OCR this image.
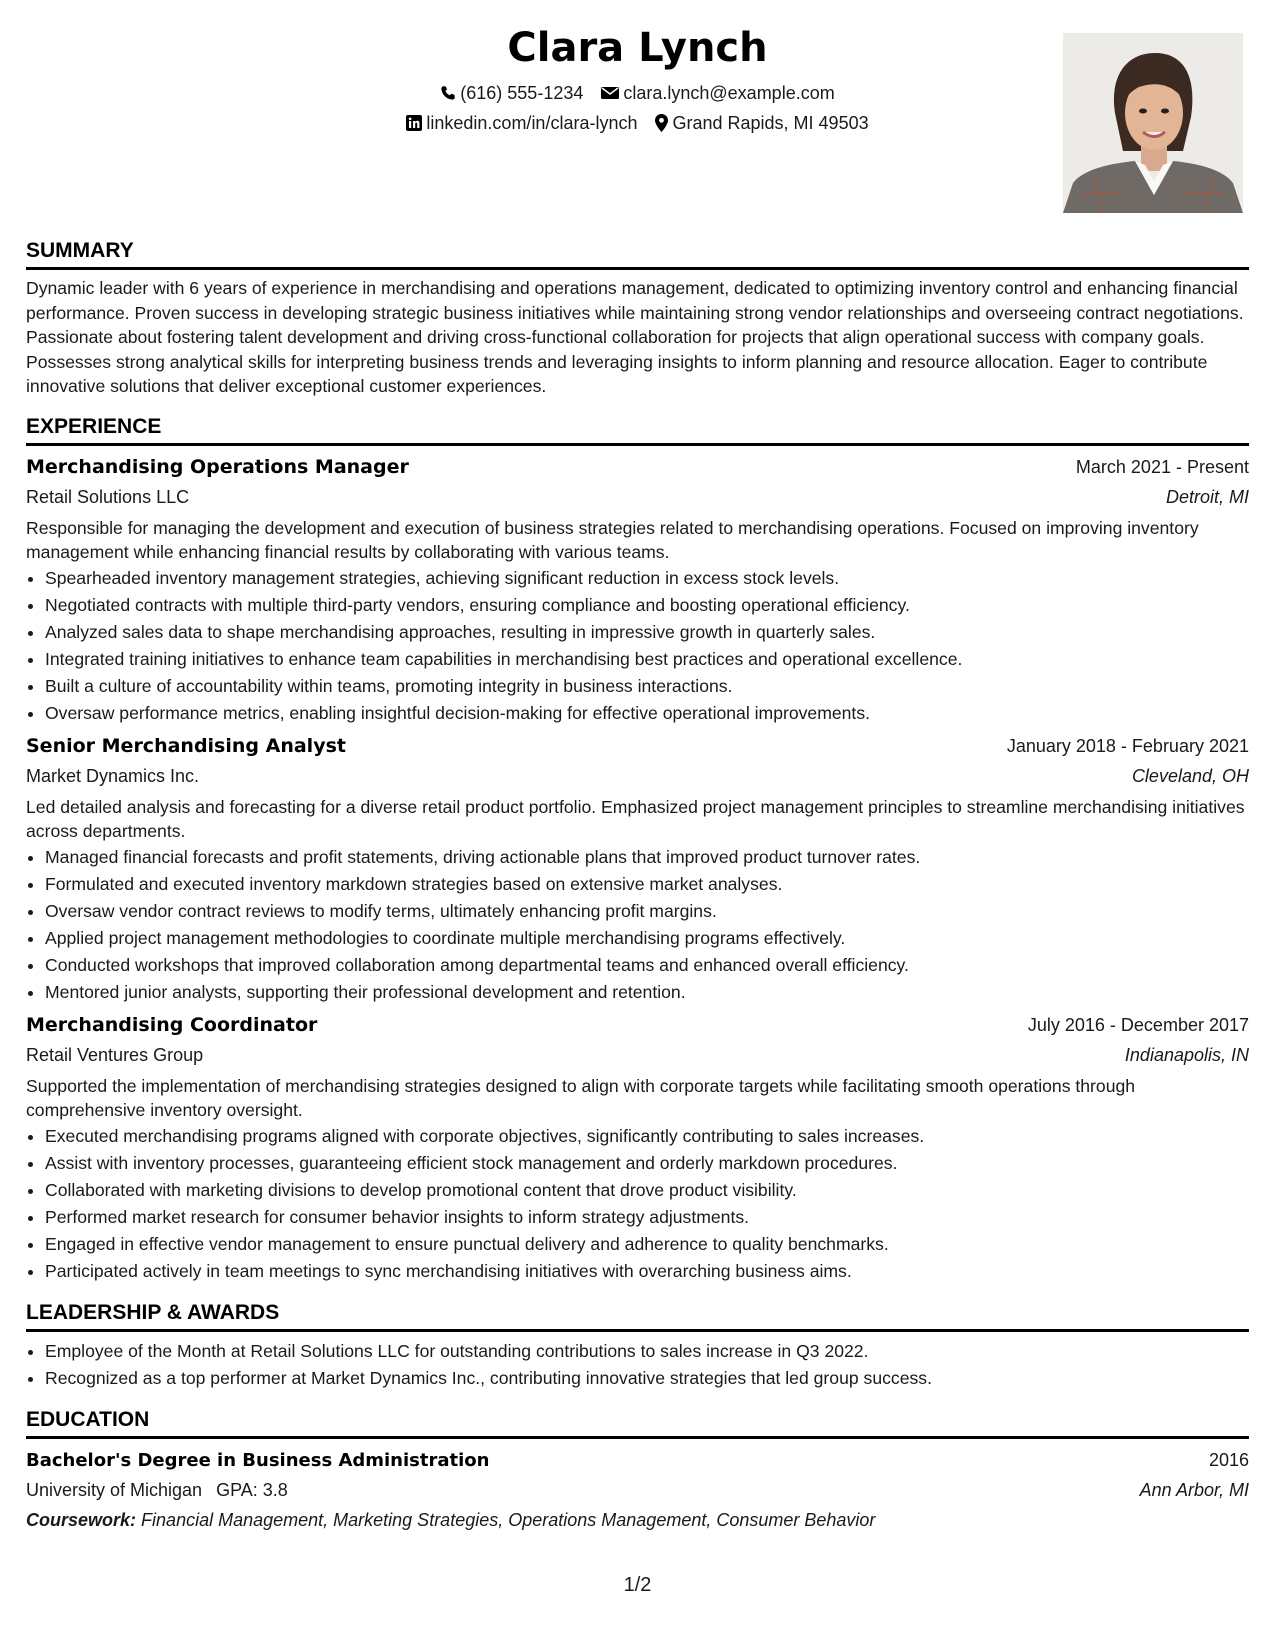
Clara Lynch
(616) 555-1234 clara.lynch@example.com
linkedin.com/in/clara-lynch Grand Rapids, MI 49503
SUMMARY

Dynamic leader with 6 years of experience in merchandising and operations management, dedicated to optimizing inventory control and enhancing financial performance. Proven success in developing strategic business initiatives while maintaining strong vendor relationships and overseeing contract negotiations. Passionate about fostering talent development and driving cross-functional collaboration for projects that align operational success with company goals. Possesses strong analytical skills for interpreting business trends and leveraging insights to inform planning and resource allocation. Eager to contribute innovative solutions that deliver exceptional customer experiences.

EXPERIENCE
Merchandising Operations Manager	March 2021 - Present
Retail Solutions LLC	Detroit, MI

Responsible for managing the development and execution of business strategies related to merchandising operations. Focused on improving inventory management while enhancing financial results by collaborating with various teams.

• Spearheaded inventory management strategies, achieving significant reduction in excess stock levels.
• Negotiated contracts with multiple third-party vendors, ensuring compliance and boosting operational efficiency.
• Analyzed sales data to shape merchandising approaches, resulting in impressive growth in quarterly sales.
• Integrated training initiatives to enhance team capabilities in merchandising best practices and operational excellence.
• Built a culture of accountability within teams, promoting integrity in business interactions.
• Oversaw performance metrics, enabling insightful decision-making for effective operational improvements.
Senior Merchandising Analyst	January 2018 - February 2021
Market Dynamics Inc.	Cleveland, OH

Led detailed analysis and forecasting for a diverse retail product portfolio. Emphasized project management principles to streamline merchandising initiatives across departments.

• Managed financial forecasts and profit statements, driving actionable plans that improved product turnover rates.
• Formulated and executed inventory markdown strategies based on extensive market analyses.
• Oversaw vendor contract reviews to modify terms, ultimately enhancing profit margins.
• Applied project management methodologies to coordinate multiple merchandising programs effectively.
• Conducted workshops that improved collaboration among departmental teams and enhanced overall efficiency.
• Mentored junior analysts, supporting their professional development and retention.
Merchandising Coordinator	July 2016 - December 2017
Retail Ventures Group	Indianapolis, IN

Supported the implementation of merchandising strategies designed to align with corporate targets while facilitating smooth operations through comprehensive inventory oversight.

• Executed merchandising programs aligned with corporate objectives, significantly contributing to sales increases.
• Assist with inventory processes, guaranteeing efficient stock management and orderly markdown procedures.
• Collaborated with marketing divisions to develop promotional content that drove product visibility.
• Performed market research for consumer behavior insights to inform strategy adjustments.
• Engaged in effective vendor management to ensure punctual delivery and adherence to quality benchmarks.
• Participated actively in team meetings to sync merchandising initiatives with overarching business aims.
LEADERSHIP & AWARDS
• Employee of the Month at Retail Solutions LLC for outstanding contributions to sales increase in Q3 2022.
• Recognized as a top performer at Market Dynamics Inc., contributing innovative strategies that led group success.
EDUCATION
Bachelor's Degree in Business Administration	2016
University of Michigan GPA: 3.8	Ann Arbor, MI
Coursework: Financial Management, Marketing Strategies, Operations Management, Consumer Behavior
1/2
